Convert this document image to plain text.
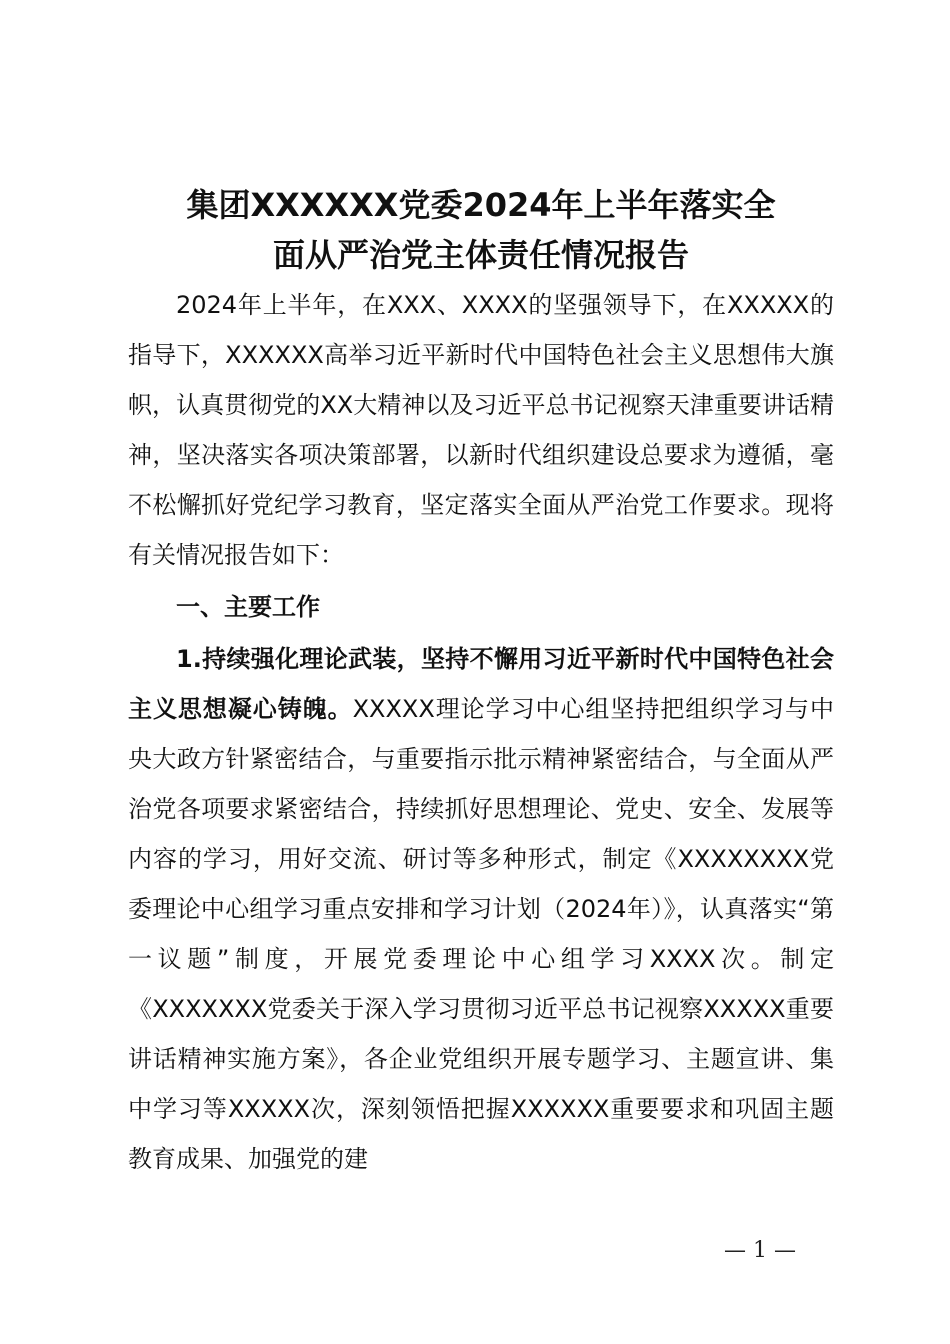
集团XXXXXX党委2024年上半年落实全
面从严治党主体责任情况报告

2024年上半年，在XXX、XXXX的坚强领导下，在XXXXX的指导下，XXXXXX高举习近平新时代中国特色社会主义思想伟大旗帜，认真贯彻党的XX大精神以及习近平总书记视察天津重要讲话精神，坚决落实各项决策部署，以新时代组织建设总要求为遵循，毫不松懈抓好党纪学习教育，坚定落实全面从严治党工作要求。现将有关情况报告如下：

一、主要工作

1.持续强化理论武装，坚持不懈用习近平新时代中国特色社会主义思想凝心铸魄。XXXXX理论学习中心组坚持把组织学习与中央大政方针紧密结合，与重要指示批示精神紧密结合，与全面从严治党各项要求紧密结合，持续抓好思想理论、党史、安全、发展等内容的学习，用好交流、研讨等多种形式，制定《XXXXXXXX党委理论中心组学习重点安排和学习计划（2024年）》，认真落实“第一议题”制度，开展党委理论中心组学习XXXX次。制定《XXXXXXX党委关于深入学习贯彻习近平总书记视察XXXXX重要讲话精神实施方案》，各企业党组织开展专题学习、主题宣讲、集中学习等XXXXX次，深刻领悟把握XXXXXX重要要求和巩固主题教育成果、加强党的建

— 1 —
